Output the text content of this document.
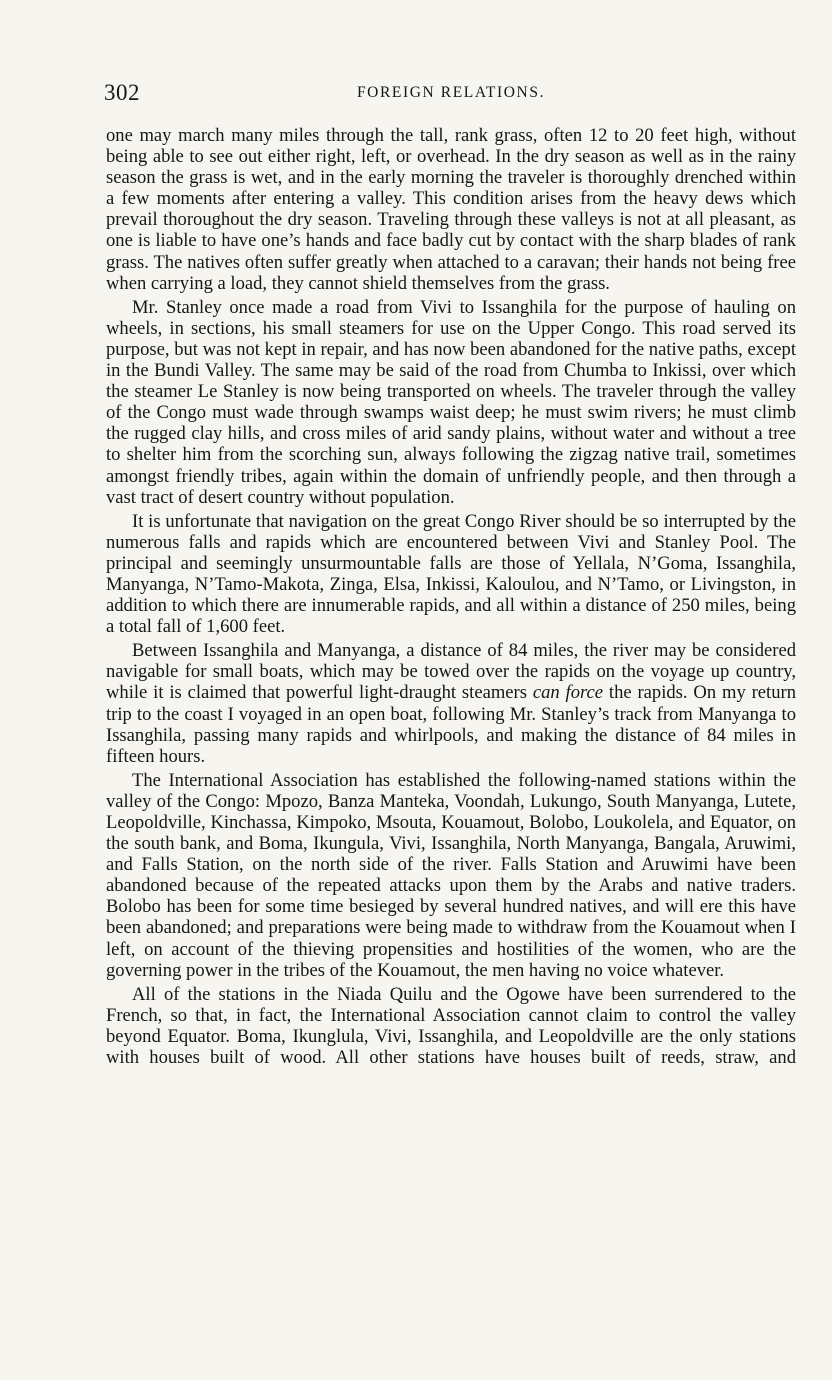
302	FOREIGN RELATIONS.

one may march many miles through the tall, rank grass, often 12 to 20 feet high, without being able to see out either right, left, or overhead. In the dry season as well as in the rainy season the grass is wet, and in the early morning the traveler is thoroughly drenched within a few moments after entering a valley. This condition arises from the heavy dews which prevail thoroughout the dry season. Traveling through these valleys is not at all pleasant, as one is liable to have one’s hands and face badly cut by contact with the sharp blades of rank grass. The natives often suffer greatly when attached to a caravan; their hands not being free when carrying a load, they cannot shield themselves from the grass.

Mr. Stanley once made a road from Vivi to Issanghila for the purpose of hauling on wheels, in sections, his small steamers for use on the Upper Congo. This road served its purpose, but was not kept in repair, and has now been abandoned for the native paths, except in the Bundi Valley. The same may be said of the road from Chumba to Inkissi, over which the steamer Le Stanley is now being transported on wheels. The traveler through the valley of the Congo must wade through swamps waist deep; he must swim rivers; he must climb the rugged clay hills, and cross miles of arid sandy plains, without water and without a tree to shelter him from the scorching sun, always following the zigzag native trail, sometimes amongst friendly tribes, again within the domain of unfriendly people, and then through a vast tract of desert country without population.

It is unfortunate that navigation on the great Congo River should be so interrupted by the numerous falls and rapids which are encountered between Vivi and Stanley Pool. The principal and seemingly unsurmountable falls are those of Yellala, N’Goma, Issanghila, Manyanga, N’Tamo-Makota, Zinga, Elsa, Inkissi, Kaloulou, and N’Tamo, or Livingston, in addition to which there are innumerable rapids, and all within a distance of 250 miles, being a total fall of 1,600 feet.

Between Issanghila and Manyanga, a distance of 84 miles, the river may be considered navigable for small boats, which may be towed over the rapids on the voyage up country, while it is claimed that powerful light-draught steamers can force the rapids. On my return trip to the coast I voyaged in an open boat, following Mr. Stanley’s track from Manyanga to Issanghila, passing many rapids and whirlpools, and making the distance of 84 miles in fifteen hours.

The International Association has established the following-named stations within the valley of the Congo: Mpozo, Banza Manteka, Voondah, Lukungo, South Manyanga, Lutete, Leopoldville, Kinchassa, Kimpoko, Msouta, Kouamout, Bolobo, Loukolela, and Equator, on the south bank, and Boma, Ikungula, Vivi, Issanghila, North Manyanga, Bangala, Aruwimi, and Falls Station, on the north side of the river. Falls Station and Aruwimi have been abandoned because of the repeated attacks upon them by the Arabs and native traders. Bolobo has been for some time besieged by several hundred natives, and will ere this have been abandoned; and preparations were being made to withdraw from the Kouamout when I left, on account of the thieving propensities and hostilities of the women, who are the governing power in the tribes of the Kouamout, the men having no voice whatever.

All of the stations in the Niada Quilu and the Ogowe have been surrendered to the French, so that, in fact, the International Association cannot claim to control the valley beyond Equator. Boma, Ikunglula, Vivi, Issanghila, and Leopoldville are the only stations with houses built of wood. All other stations have houses built of reeds, straw, and
